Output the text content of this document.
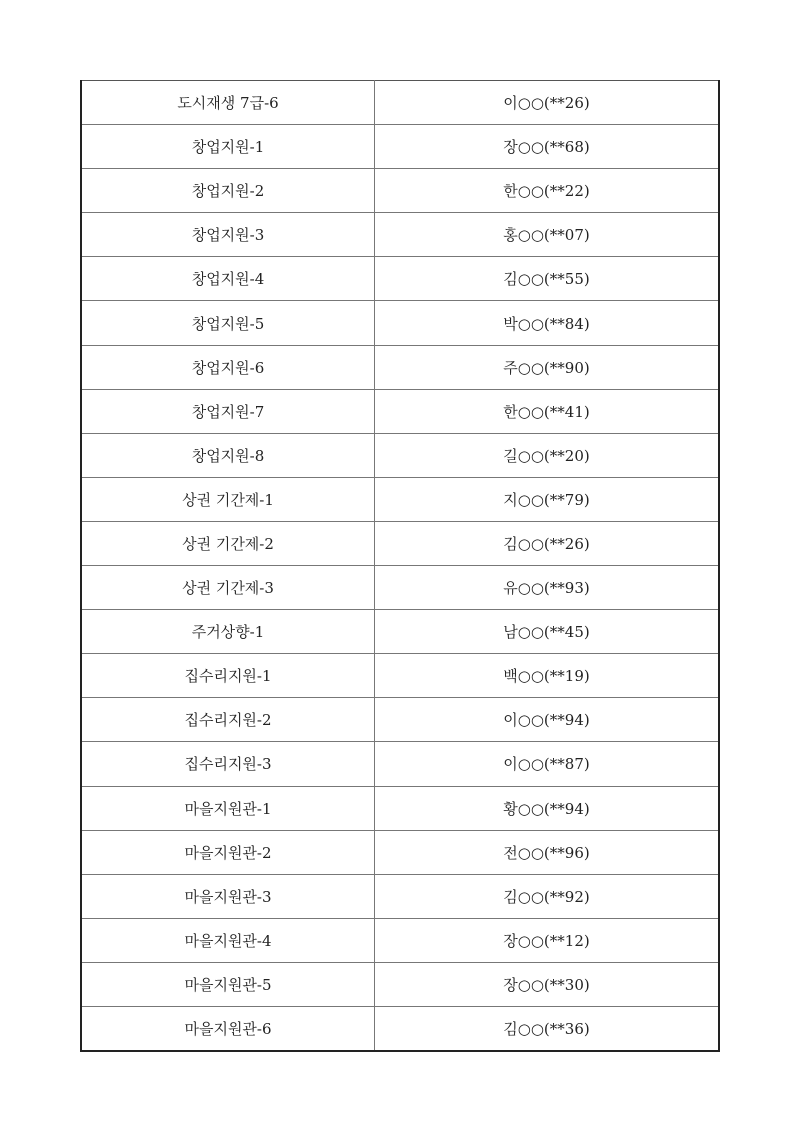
도시재생 7급-6	이○○(**26)
창업지원-1	장○○(**68)
창업지원-2	한○○(**22)
창업지원-3	홍○○(**07)
창업지원-4	김○○(**55)
창업지원-5	박○○(**84)
창업지원-6	주○○(**90)
창업지원-7	한○○(**41)
창업지원-8	길○○(**20)
상권 기간제-1	지○○(**79)
상권 기간제-2	김○○(**26)
상권 기간제-3	유○○(**93)
주거상향-1	남○○(**45)
집수리지원-1	백○○(**19)
집수리지원-2	이○○(**94)
집수리지원-3	이○○(**87)
마을지원관-1	황○○(**94)
마을지원관-2	전○○(**96)
마을지원관-3	김○○(**92)
마을지원관-4	장○○(**12)
마을지원관-5	장○○(**30)
마을지원관-6	김○○(**36)
